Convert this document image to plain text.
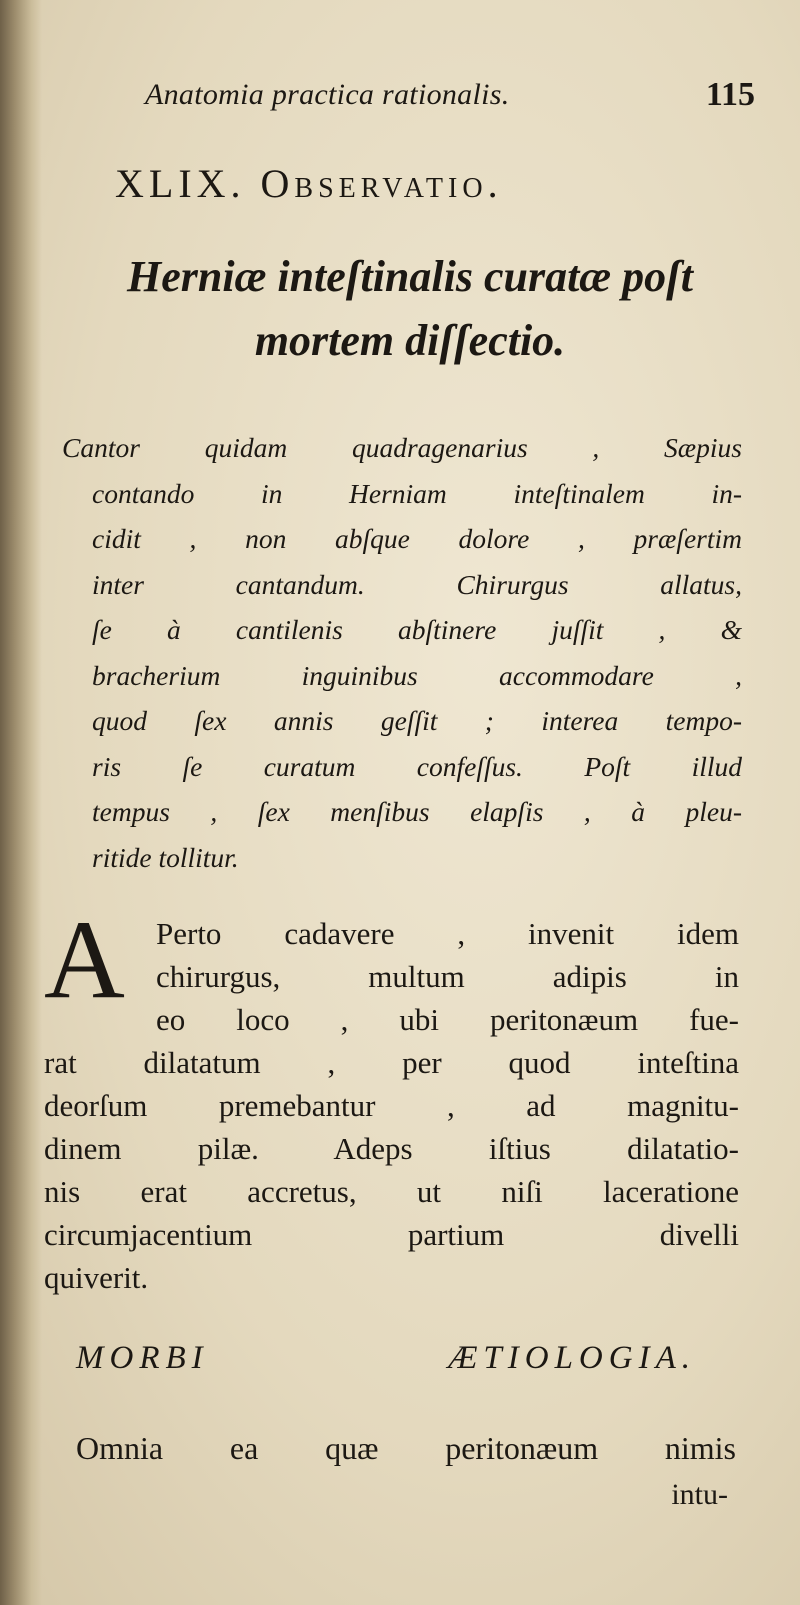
Anatomia practica rationalis.	115
XLIX. Observatio.
Herniæ inteſtinalis curatæ poſt
mortem diſſectio.
Cantor quidam quadragenarius , Sæpius
contando in Herniam inteſtinalem in-
cidit , non abſque dolore , præſertim
inter cantandum. Chirurgus allatus,
ſe à cantilenis abſtinere juſſit , &
bracherium inguinibus accommodare ,
quod ſex annis geſſit ; interea tempo-
ris ſe curatum confeſſus. Poſt illud
tempus , ſex menſibus elapſis , à pleu-
ritide tollitur.
A	Perto cadavere , invenit idem
chirurgus, multum adipis in
eo loco , ubi peritonæum fue-
rat dilatatum , per quod inteſtina
deorſum premebantur , ad magnitu-
dinem pilæ. Adeps iſtius dilatatio-
nis erat accretus, ut niſi laceratione
circumjacentium partium divelli
quiverit.
MORBI ÆTIOLOGIA.
Omnia ea quæ peritonæum nimis
intu-
